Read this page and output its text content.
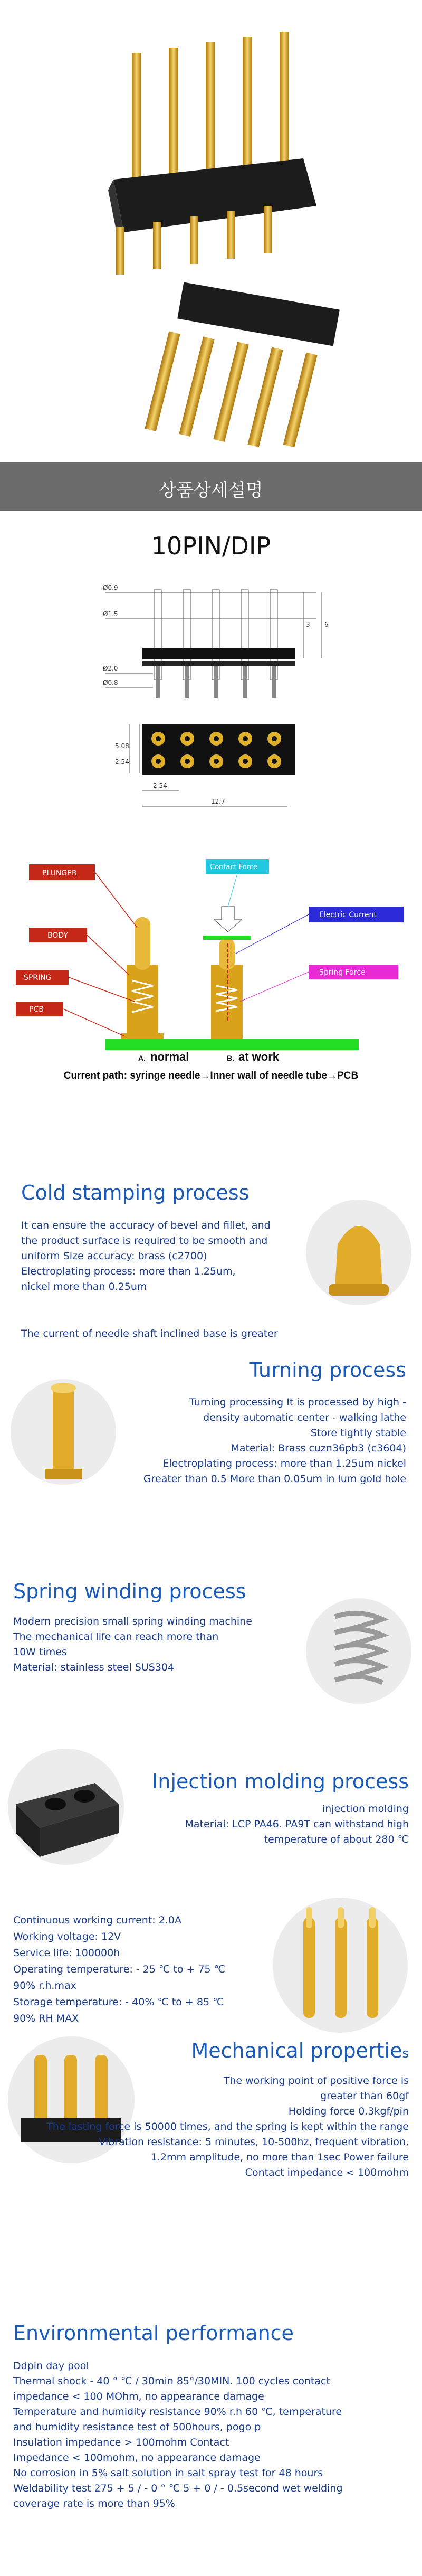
상품상세설명
10PIN/DIP
Ø0.9
Ø1.5
Ø2.0
Ø0.8
3 6
5.08
2.54
2.54
12.7
PLUNGER
BODY
SPRING
PCB
Contact Force
Electric Current
Spring Force
A. normal	B. at work
Current path: syringe needle→Inner wall of needle tube→PCB
Cold stamping process
It can ensure the accuracy of bevel and fillet, and
the product surface is required to be smooth and
uniform Size accuracy: brass (c2700)
Electroplating process: more than 1.25um,
nickel more than 0.25um
The current of needle shaft inclined base is greater
Turning process
Turning processing It is processed by high -
density automatic center - walking lathe
Store tightly stable
Material: Brass cuzn36pb3 (c3604)
Electroplating process: more than 1.25um nickel
Greater than 0.5 More than 0.05um in lum gold hole
Spring winding process
Modern precision small spring winding machine
The mechanical life can reach more than
10W times
Material: stainless steel SUS304
Injection molding process
injection molding
Material: LCP PA46. PA9T can withstand high
temperature of about 280 ℃
Continuous working current: 2.0A
Working voltage: 12V
Service life: 100000h
Operating temperature: - 25 ℃ to + 75 ℃
90% r.h.max
Storage temperature: - 40% ℃ to + 85 ℃
90% RH MAX
Mechanical properties
The working point of positive force is
greater than 60gf
Holding force 0.3kgf/pin
The lasting force is 50000 times, and the spring is kept within the range
Vibration resistance: 5 minutes, 10-500hz, frequent vibration,
1.2mm amplitude, no more than 1sec Power failure
Contact impedance < 100mohm
Environmental performance
Ddpin day pool
Thermal shock - 40 ° ℃ / 30min 85°/30MIN. 100 cycles contact
impedance < 100 MOhm, no appearance damage
Temperature and humidity resistance 90% r.h 60 ℃, temperature
and humidity resistance test of 500hours, pogo p
Insulation impedance > 100mohm Contact
Impedance < 100mohm, no appearance damage
No corrosion in 5% salt solution in salt spray test for 48 hours
Weldability test 275 + 5 / - 0 ° ℃ 5 + 0 / - 0.5second wet welding
coverage rate is more than 95%
